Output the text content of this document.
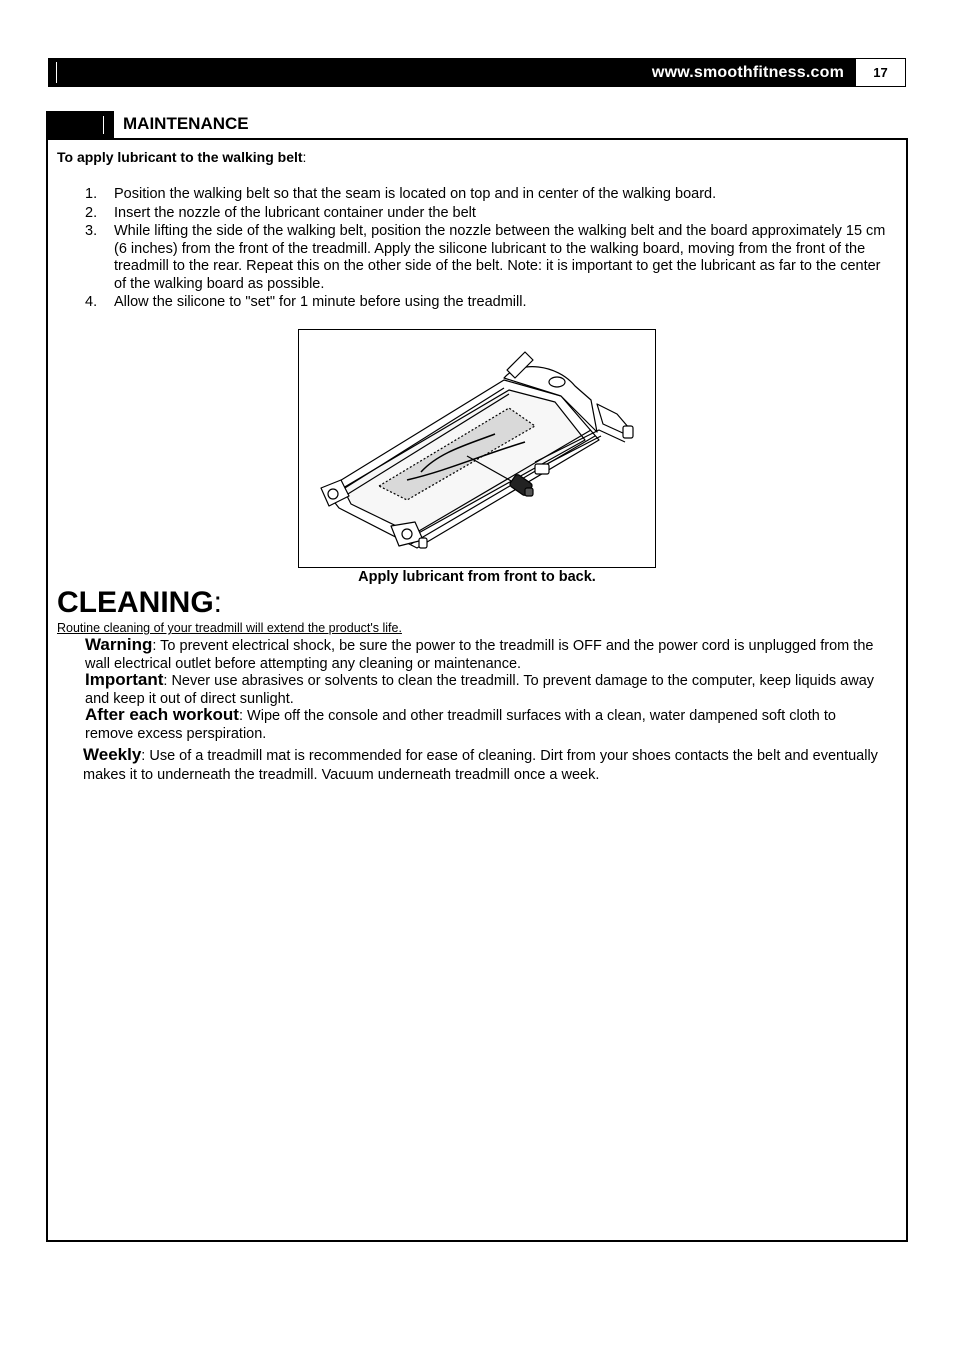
www.smoothfitness.com	17
MAINTENANCE
To apply lubricant to the walking belt:
1. Position the walking belt so that the seam is located on top and in center of the walking board.
2. Insert the nozzle of the lubricant container under the belt
3. While lifting the side of the walking belt, position the nozzle between the walking belt and the board approximately 15 cm (6 inches) from the front of the treadmill. Apply the silicone lubricant to the walking board, moving from the front of the treadmill to the rear. Repeat this on the other side of the belt. Note: it is important to get the lubricant as far to the center of the walking board as possible.
4. Allow the silicone to "set" for 1 minute before using the treadmill.
Apply lubricant from front to back.
CLEANING:
Routine cleaning of your treadmill will extend the product's life.
Warning: To prevent electrical shock, be sure the power to the treadmill is OFF and the power cord is unplugged from the wall electrical outlet before attempting any cleaning or maintenance.
Important: Never use abrasives or solvents to clean the treadmill. To prevent damage to the computer, keep liquids away and keep it out of direct sunlight.
After each workout: Wipe off the console and other treadmill surfaces with a clean, water dampened soft cloth to remove excess perspiration.
Weekly: Use of a treadmill mat is recommended for ease of cleaning. Dirt from your shoes contacts the belt and eventually makes it to underneath the treadmill. Vacuum underneath treadmill once a week.
